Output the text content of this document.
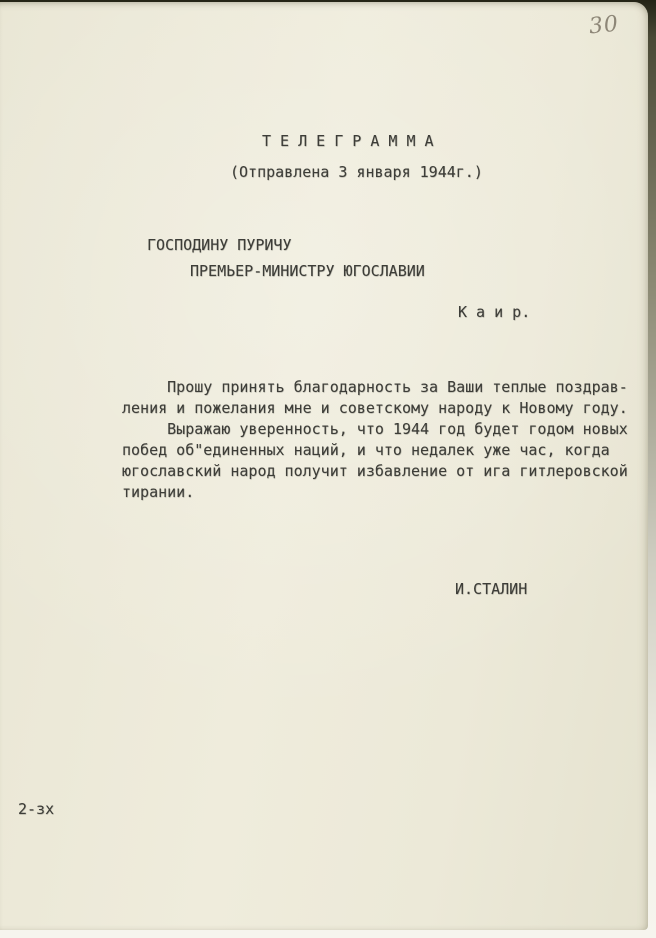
30
Т Е Л Е Г Р А М М А
(Отправлена 3 января 1944г.)
ГОСПОДИНУ ПУРИЧУ
ПРЕМЬЕР-МИНИСТРУ ЮГОСЛАВИИ
К а и р.
Прошу принять благодарность за Ваши теплые поздрав-
ления и пожелания мне и советскому народу к Новому году.
Выражаю уверенность, что 1944 год будет годом новых
побед об"единенных наций, и что недалек уже час, когда
югославский народ получит избавление от ига гитлеровской
тирании.
И.СТАЛИН
2-зх
